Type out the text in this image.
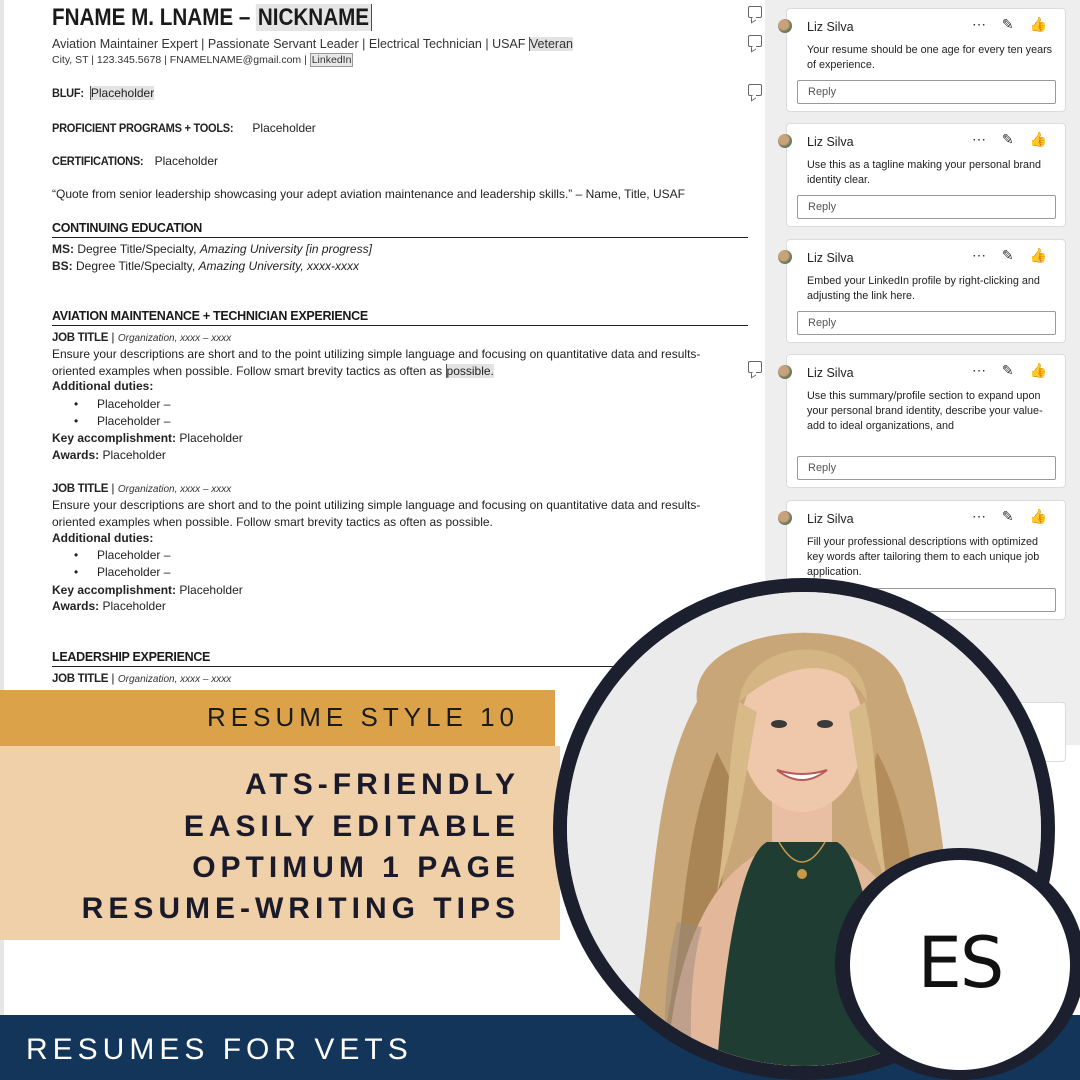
FNAME M. LNAME – NICKNAME
Aviation Maintainer Expert | Passionate Servant Leader | Electrical Technician | USAF Veteran
City, ST | 123.345.5678 | FNAMELNAME@gmail.com | LinkedIn
BLUF: Placeholder
PROFICIENT PROGRAMS + TOOLS: Placeholder
CERTIFICATIONS: Placeholder
“Quote from senior leadership showcasing your adept aviation maintenance and leadership skills.” – Name, Title, USAF
CONTINUING EDUCATION
MS: Degree Title/Specialty, Amazing University [in progress]
BS: Degree Title/Specialty, Amazing University, xxxx-xxxx
AVIATION MAINTENANCE + TECHNICIAN EXPERIENCE
JOB TITLE | Organization, xxxx – xxxx
Ensure your descriptions are short and to the point utilizing simple language and focusing on quantitative data and results-oriented examples when possible. Follow smart brevity tactics as often as possible.
Additional duties:
• Placeholder –
• Placeholder –
Key accomplishment: Placeholder
Awards: Placeholder
JOB TITLE | Organization, xxxx – xxxx
Ensure your descriptions are short and to the point utilizing simple language and focusing on quantitative data and results-oriented examples when possible. Follow smart brevity tactics as often as possible.
Additional duties:
• Placeholder –
• Placeholder –
Key accomplishment: Placeholder
Awards: Placeholder
LEADERSHIP EXPERIENCE
JOB TITLE | Organization, xxxx – xxxx
Liz Silva	⋯ ✎ 👍
Your resume should be one age for every ten years of experience.
Reply
Liz Silva	⋯ ✎ 👍
Use this as a tagline making your personal brand identity clear.
Reply
Liz Silva	⋯ ✎ 👍
Embed your LinkedIn profile by right-clicking and adjusting the link here.
Reply
Liz Silva	⋯ ✎ 👍
Use this summary/profile section to expand upon your personal brand identity, describe your value-add to ideal organizations, and
Reply
Liz Silva	⋯ ✎ 👍
Fill your professional descriptions with optimized key words after tailoring them to each unique job application.
RESUME STYLE 10
ATS-FRIENDLY
EASILY EDITABLE
OPTIMUM 1 PAGE
RESUME-WRITING TIPS
RESUMES FOR VETS
ES
